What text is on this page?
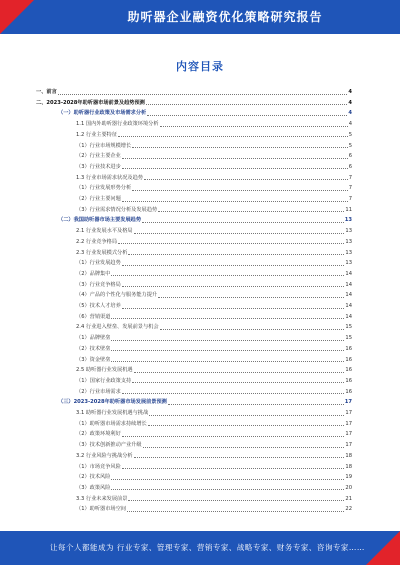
助听器企业融资优化策略研究报告
内容目录
一、前言	4
二、2023-2028年助听器市场前景及趋势预测	4
（一）助听器行业政策及市场需求分析	4
1.1 国内外助听器行业政策环境分析	4
1.2 行业主要特征	5
（1）行业市场规模增长	5
（2）行业主要企业	6
（3）行业技术进步	6
1.3 行业市场需求状况及趋势	7
（1）行业发展形势分析	7
（2）行业主要问题	7
（3）行业需求情况分析及发展趋势	11
（二）我国助听器市场主要发展趋势	13
2.1 行业发展水平及格局	13
2.2 行业竞争格局	13
2.3 行业发展模式分析	13
（1）行业发展趋势	13
（2）品牌集中	14
（3）行业竞争格局	14
（4）产品的个性化与服务能力提升	14
（5）技术人才培养	14
（6）营销渠道	14
2.4 行业进入壁垒、发展前景与机会	15
（1）品牌壁垒	15
（2）技术壁垒	16
（3）资金壁垒	16
2.5 助听器行业发展机遇	16
（1）国家行业政策支持	16
（2）行业市场需求	16
（三）2023-2028年助听器市场发展前景预测	17
3.1 助听器行业发展机遇与挑战	17
（1）助听器市场需求持续增长	17
（2）政策环境利好	17
（3）技术创新推动产业升级	17
3.2 行业风险与挑战分析	18
（1）市场竞争风险	18
（2）技术风险	19
（3）政策风险	20
3.3 行业未来发展前景	21
（1）助听器市场空间	22
让每个人都能成为 行业专家、管理专家、营销专家、战略专家、财务专家、咨询专家……
